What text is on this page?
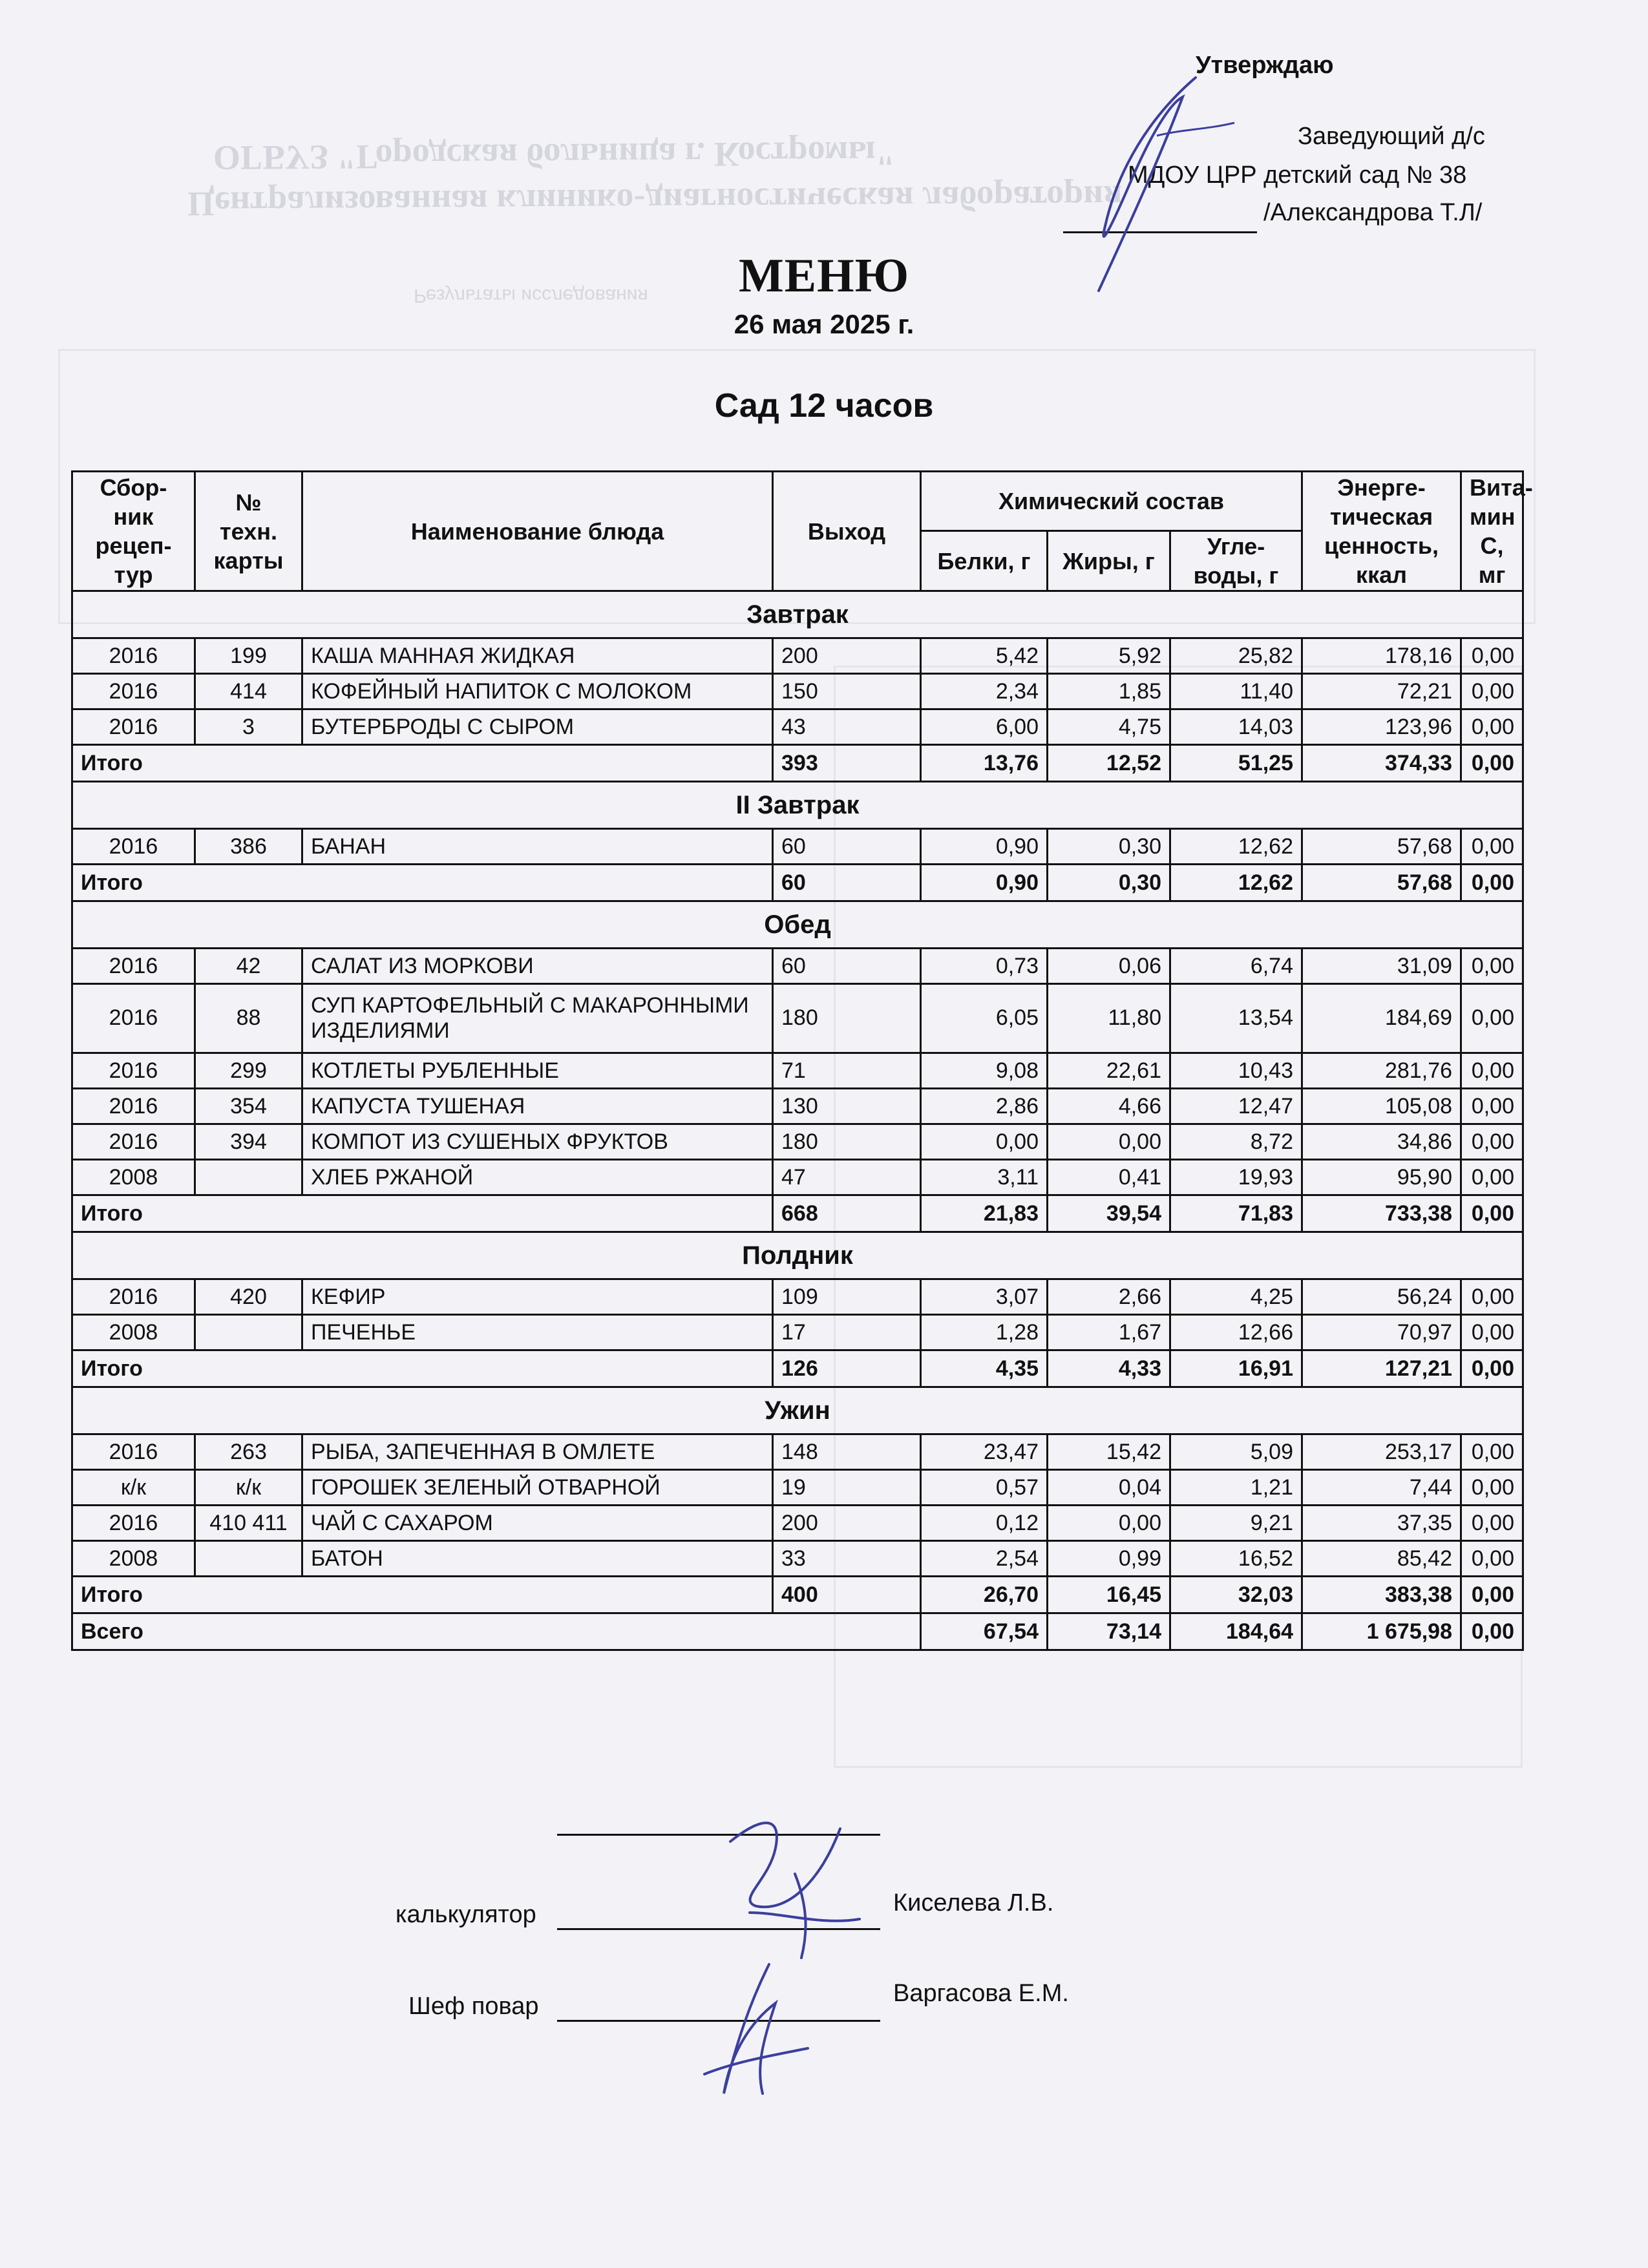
ОГБУЗ "Городская больница г. Костромы"
Централизованная клинико-диагностическая лаборатория
Результаты исследования
Утверждаю
Заведующий д/с
МДОУ ЦРР детский сад № 38
/Александрова Т.Л/
МЕНЮ
26 мая 2025 г.
Сад 12 часов
Сбор-ник рецеп-тур	№ техн. карты	Наименование блюда	Выход	Химический состав			Энерге-тическая ценность, ккал	Вита-мин С, мг
				Белки, г	Жиры, г	Угле-воды, г		
Завтрак								
2016	199	КАША МАННАЯ ЖИДКАЯ	200	5,42	5,92	25,82	178,16	0,00
2016	414	КОФЕЙНЫЙ НАПИТОК С МОЛОКОМ	150	2,34	1,85	11,40	72,21	0,00
2016	3	БУТЕРБРОДЫ С СЫРОМ	43	6,00	4,75	14,03	123,96	0,00
Итого			393	13,76	12,52	51,25	374,33	0,00
II Завтрак								
2016	386	БАНАН	60	0,90	0,30	12,62	57,68	0,00
Итого			60	0,90	0,30	12,62	57,68	0,00
Обед								
2016	42	САЛАТ ИЗ МОРКОВИ	60	0,73	0,06	6,74	31,09	0,00
2016	88	СУП КАРТОФЕЛЬНЫЙ С МАКАРОННЫМИ ИЗДЕЛИЯМИ	180	6,05	11,80	13,54	184,69	0,00
2016	299	КОТЛЕТЫ РУБЛЕННЫЕ	71	9,08	22,61	10,43	281,76	0,00
2016	354	КАПУСТА ТУШЕНАЯ	130	2,86	4,66	12,47	105,08	0,00
2016	394	КОМПОТ ИЗ СУШЕНЫХ ФРУКТОВ	180	0,00	0,00	8,72	34,86	0,00
2008		ХЛЕБ РЖАНОЙ	47	3,11	0,41	19,93	95,90	0,00
Итого			668	21,83	39,54	71,83	733,38	0,00
Полдник								
2016	420	КЕФИР	109	3,07	2,66	4,25	56,24	0,00
2008		ПЕЧЕНЬЕ	17	1,28	1,67	12,66	70,97	0,00
Итого			126	4,35	4,33	16,91	127,21	0,00
Ужин								
2016	263	РЫБА, ЗАПЕЧЕННАЯ В ОМЛЕТЕ	148	23,47	15,42	5,09	253,17	0,00
к/к	к/к	ГОРОШЕК ЗЕЛЕНЫЙ ОТВАРНОЙ	19	0,57	0,04	1,21	7,44	0,00
2016	410 411	ЧАЙ С САХАРОМ	200	0,12	0,00	9,21	37,35	0,00
2008		БАТОН	33	2,54	0,99	16,52	85,42	0,00
Итого			400	26,70	16,45	32,03	383,38	0,00
Всего				67,54	73,14	184,64	1 675,98	0,00
калькулятор	Киселева Л.В.
Шеф повар	Варгасова Е.М.
